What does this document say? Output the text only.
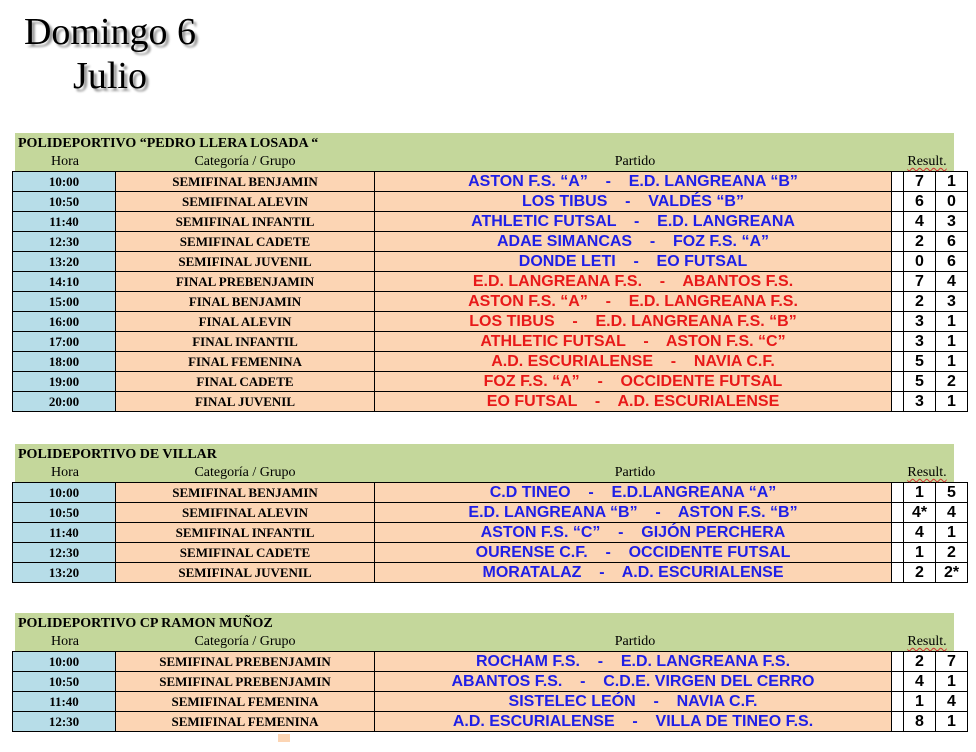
Domingo 6
Julio
POLIDEPORTIVO “PEDRO LLERA LOSADA “
Hora	Categoría / Grupo	Partido	Result.
10:00	SEMIFINAL BENJAMIN	ASTON F.S. “A”    -    E.D. LANGREANA “B”		7	1
10:50	SEMIFINAL ALEVIN	LOS TIBUS    -    VALDÉS “B”		6	0
11:40	SEMIFINAL INFANTIL	ATHLETIC FUTSAL    -    E.D. LANGREANA		4	3
12:30	SEMIFINAL CADETE	ADAE SIMANCAS    -    FOZ F.S. “A”		2	6
13:20	SEMIFINAL JUVENIL	DONDE LETI    -    EO FUTSAL		0	6
14:10	FINAL PREBENJAMIN	E.D. LANGREANA F.S.    -    ABANTOS F.S.		7	4
15:00	FINAL BENJAMIN	ASTON F.S. “A”    -    E.D. LANGREANA F.S.		2	3
16:00	FINAL ALEVIN	LOS TIBUS    -    E.D. LANGREANA F.S. “B”		3	1
17:00	FINAL INFANTIL	ATHLETIC FUTSAL    -    ASTON F.S. “C”		3	1
18:00	FINAL FEMENINA	A.D. ESCURIALENSE    -    NAVIA C.F.		5	1
19:00	FINAL CADETE	FOZ F.S. “A”    -    OCCIDENTE FUTSAL		5	2
20:00	FINAL JUVENIL	EO FUTSAL    -    A.D. ESCURIALENSE		3	1
POLIDEPORTIVO DE VILLAR
Hora	Categoría / Grupo	Partido	Result.
10:00	SEMIFINAL BENJAMIN	C.D TINEO    -    E.D.LANGREANA “A”		1	5
10:50	SEMIFINAL ALEVIN	E.D. LANGREANA “B”    -    ASTON F.S. “B”		4*	4
11:40	SEMIFINAL INFANTIL	ASTON F.S. “C”    -    GIJÓN PERCHERA		4	1
12:30	SEMIFINAL CADETE	OURENSE C.F.    -    OCCIDENTE FUTSAL		1	2
13:20	SEMIFINAL JUVENIL	MORATALAZ    -    A.D. ESCURIALENSE		2	2*
POLIDEPORTIVO CP RAMON MUÑOZ
Hora	Categoría / Grupo	Partido	Result.
10:00	SEMIFINAL PREBENJAMIN	ROCHAM F.S.    -    E.D. LANGREANA F.S.		2	7
10:50	SEMIFINAL PREBENJAMIN	ABANTOS F.S.    -    C.D.E. VIRGEN DEL CERRO		4	1
11:40	SEMIFINAL FEMENINA	SISTELEC LEÓN    -    NAVIA C.F.		1	4
12:30	SEMIFINAL FEMENINA	A.D. ESCURIALENSE    -    VILLA DE TINEO F.S.		8	1
